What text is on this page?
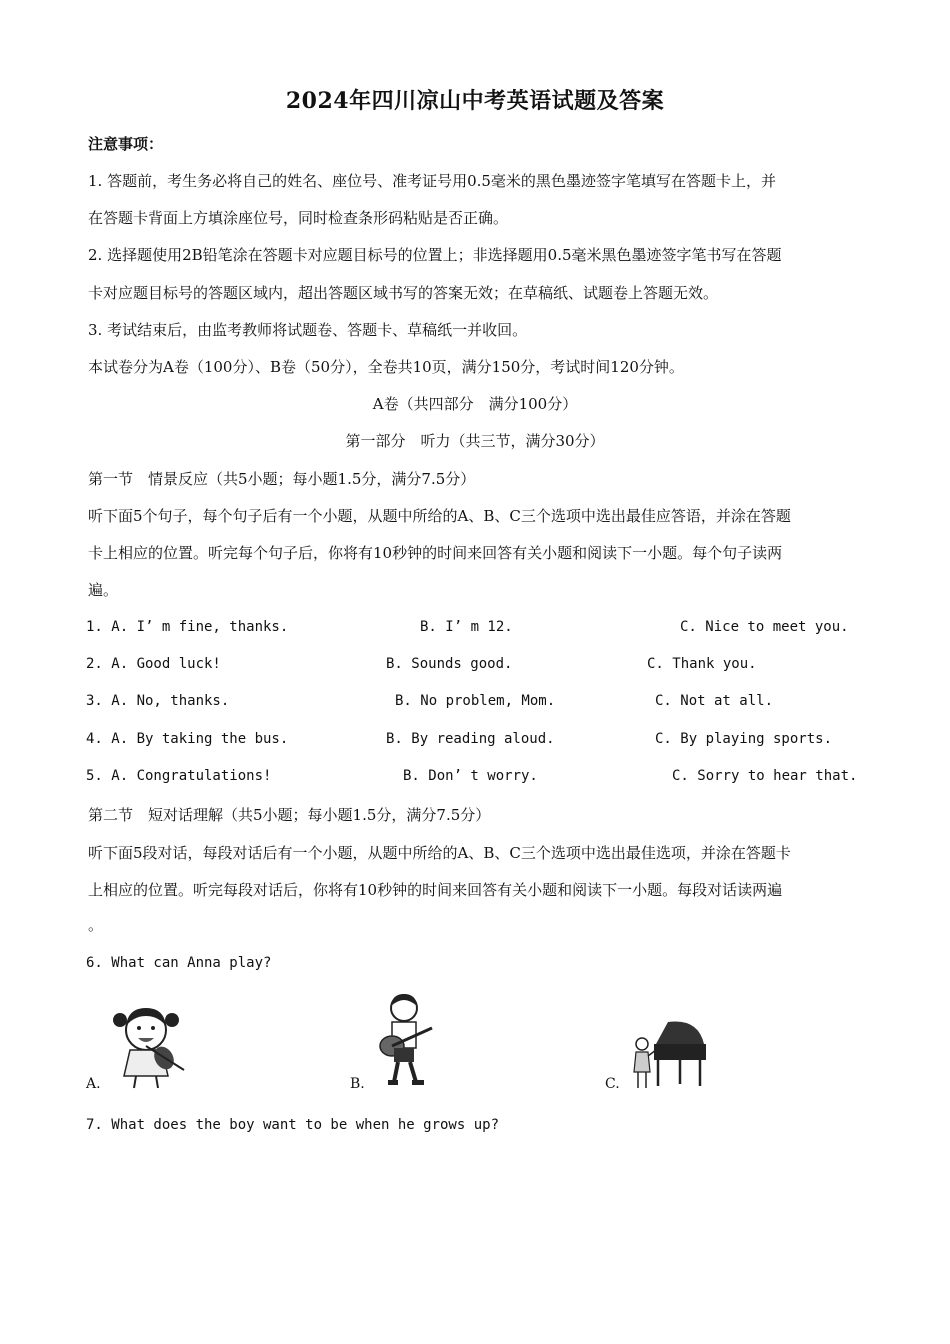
2024年四川凉山中考英语试题及答案
注意事项：
1. 答题前，考生务必将自己的姓名、座位号、准考证号用0.5毫米的黑色墨迹签字笔填写在答题卡上，并
在答题卡背面上方填涂座位号，同时检查条形码粘贴是否正确。
2. 选择题使用2B铅笔涂在答题卡对应题目标号的位置上；非选择题用0.5毫米黑色墨迹签字笔书写在答题
卡对应题目标号的答题区域内，超出答题区域书写的答案无效；在草稿纸、试题卷上答题无效。
3. 考试结束后，由监考教师将试题卷、答题卡、草稿纸一并收回。
本试卷分为A卷（100分）、B卷（50分），全卷共10页，满分150分，考试时间120分钟。
A卷（共四部分　满分100分）
第一部分　听力（共三节，满分30分）
第一节　情景反应（共5小题；每小题1.5分，满分7.5分）
听下面5个句子，每个句子后有一个小题，从题中所给的A、B、C三个选项中选出最佳应答语，并涂在答题
卡上相应的位置。听完每个句子后，你将有10秒钟的时间来回答有关小题和阅读下一小题。每个句子读两
遍。
1. A. I’ m fine, thanks.	B. I’ m 12.	C. Nice to meet you.
2. A. Good luck!	B. Sounds good.	C. Thank you.
3. A. No, thanks.	B. No problem, Mom.	C. Not at all.
4. A. By taking the bus.	B. By reading aloud.	C. By playing sports.
5. A. Congratulations!	B. Don’ t worry.	C. Sorry to hear that.
第二节　短对话理解（共5小题；每小题1.5分，满分7.5分）
听下面5段对话，每段对话后有一个小题，从题中所给的A、B、C三个选项中选出最佳选项，并涂在答题卡
上相应的位置。听完每段对话后，你将有10秒钟的时间来回答有关小题和阅读下一小题。每段对话读两遍
。
6. What can Anna play?
A.	B.	C.
7. What does the boy want to be when he grows up?
